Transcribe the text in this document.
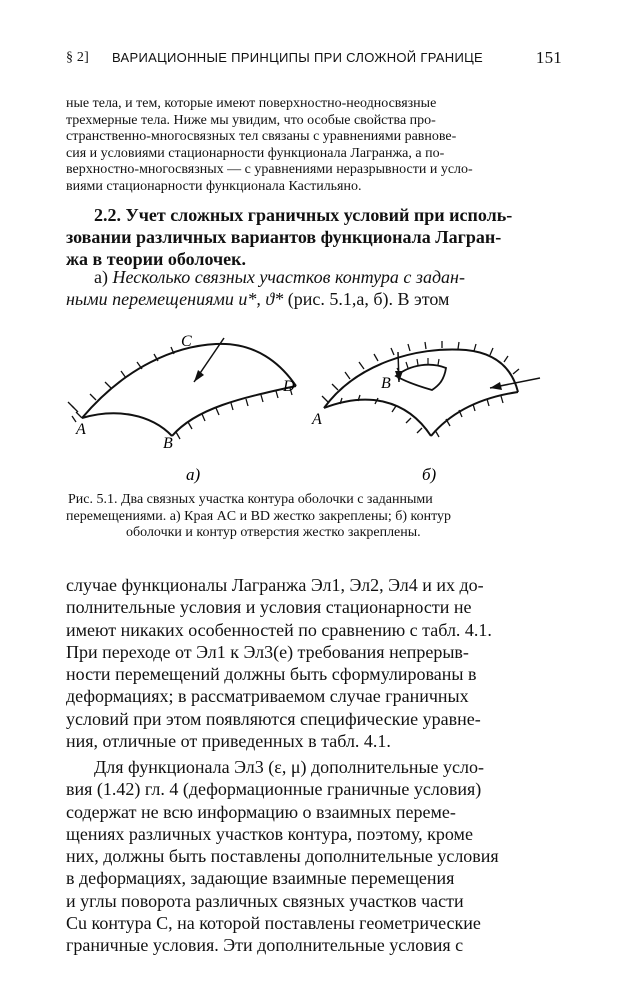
§ 2] ВАРИАЦИОННЫЕ ПРИНЦИПЫ ПРИ СЛОЖНОЙ ГРАНИЦЕ	151
ные тела, и тем, которые имеют поверхностно-неодносвязные
трехмерные тела. Ниже мы увидим, что особые свойства про-
странственно-многосвязных тел связаны с уравнениями равнове-
сия и условиями стационарности функционала Лагранжа, а по-
верхностно-многосвязных — с уравнениями неразрывности и усло-
виями стационарности функционала Кастильяно.
2.2. Учет сложных граничных условий при исполь-
зовании различных вариантов функционала Лагран-
жа в теории оболочек.
а) Несколько связных участков контура с задан-
ными перемещениями u*, ϑ* (рис. 5.1,а, б). В этом
C
D
A
B
а)
B
A
б)
Рис. 5.1. Два связных участка контура оболочки с заданными
перемещениями. а) Края AC и BD жестко закреплены; б) контур
оболочки и контур отверстия жестко закреплены.
случае функционалы Лагранжа Эл1, Эл2, Эл4 и их до-
полнительные условия и условия стационарности не
имеют никаких особенностей по сравнению с табл. 4.1.
При переходе от Эл1 к Эл3(e) требования непрерыв-
ности перемещений должны быть сформулированы в
деформациях; в рассматриваемом случае граничных
условий при этом появляются специфические уравне-
ния, отличные от приведенных в табл. 4.1.
Для функционала Эл3 (ε, μ) дополнительные усло-
вия (1.42) гл. 4 (деформационные граничные условия)
содержат не всю информацию о взаимных переме-
щениях различных участков контура, поэтому, кроме
них, должны быть поставлены дополнительные условия
в деформациях, задающие взаимные перемещения
и углы поворота различных связных участков части
Cu контура C, на которой поставлены геометрические
граничные условия. Эти дополнительные условия с
